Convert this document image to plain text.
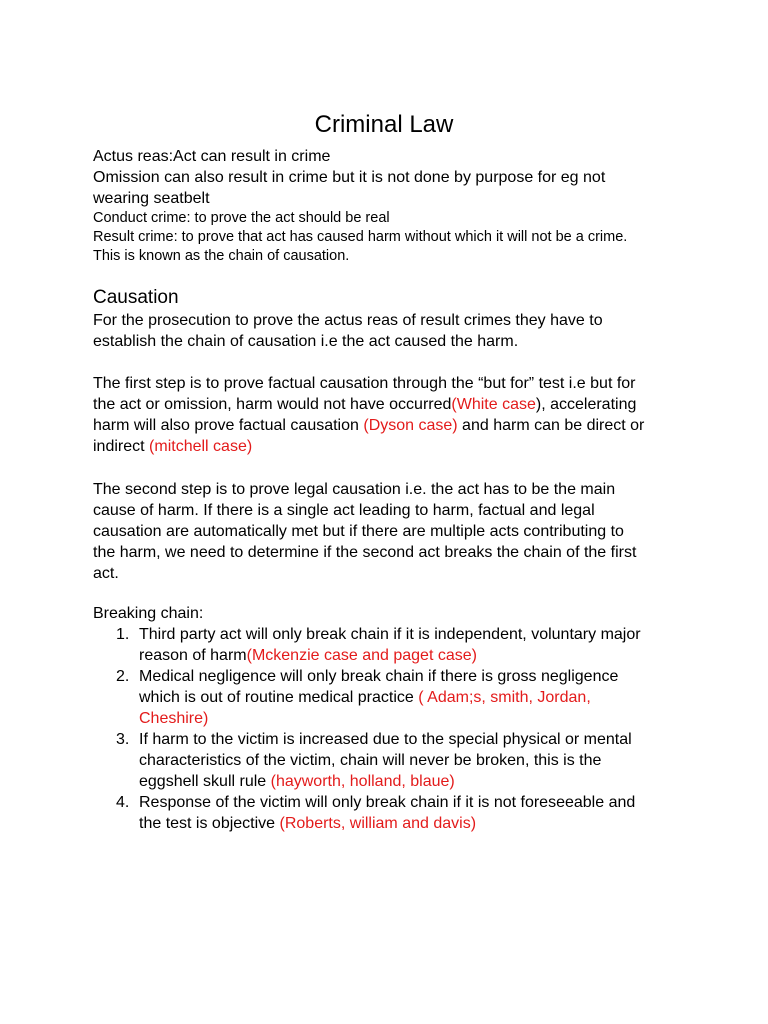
Criminal Law

Actus reas:Act can result in crime

Omission can also result in crime but it is not done by purpose for eg not

wearing seatbelt

Conduct crime: to prove the act should be real

Result crime: to prove that act has caused harm without which it will not be a crime.

This is known as the chain of causation.

Causation

For the prosecution to prove the actus reas of result crimes they have to

establish the chain of causation i.e the act caused the harm.

The first step is to prove factual causation through the “but for” test i.e but for

the act or omission, harm would not have occurred(White case), accelerating

harm will also prove factual causation (Dyson case) and harm can be direct or

indirect (mitchell case)

The second step is to prove legal causation i.e. the act has to be the main

cause of harm. If there is a single act leading to harm, factual and legal

causation are automatically met but if there are multiple acts contributing to

the harm, we need to determine if the second act breaks the chain of the first

act.

Breaking chain:

1. Third party act will only break chain if it is independent, voluntary major

reason of harm(Mckenzie case and paget case)

2. Medical negligence will only break chain if there is gross negligence

which is out of routine medical practice ( Adam;s, smith, Jordan,

Cheshire)

3. If harm to the victim is increased due to the special physical or mental

characteristics of the victim, chain will never be broken, this is the

eggshell skull rule (hayworth, holland, blaue)

4. Response of the victim will only break chain if it is not foreseeable and

the test is objective (Roberts, william and davis)
